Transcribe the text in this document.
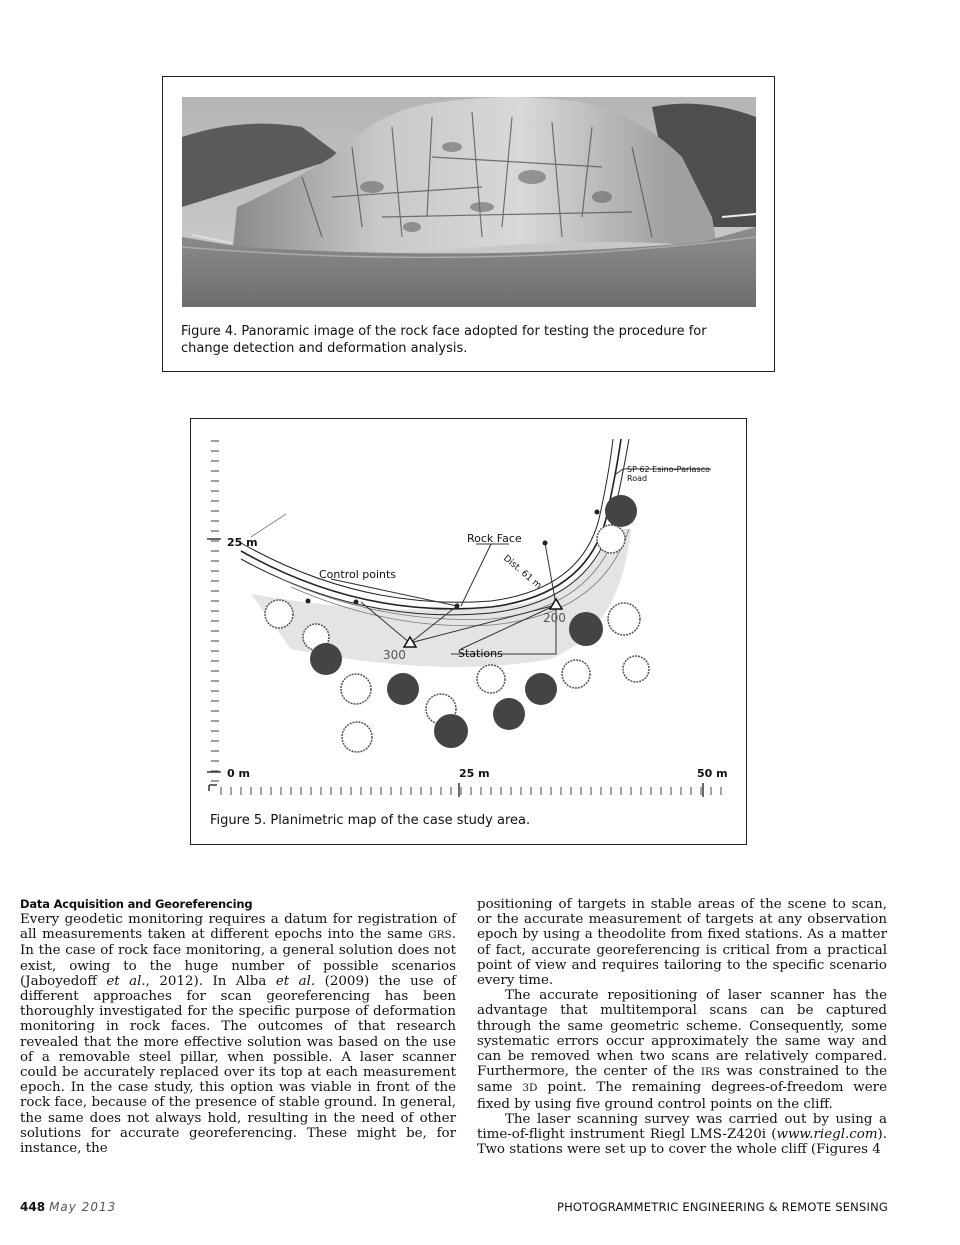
Figure 4. Panoramic image of the rock face adopted for testing the procedure for change detection and deformation analysis.

25 m	Rock Face
SP 62 Esino-Parlasco
Road
Control points	Dist. 61 m
200
300	Stations
0 m	25 m	50 m

Figure 5. Planimetric map of the case study area.

Data Acquisition and Georeferencing

Every geodetic monitoring requires a datum for registration of all measurements taken at different epochs into the same GRS. In the case of rock face monitoring, a general solution does not exist, owing to the huge number of possible scenarios (Jaboyedoff et al., 2012). In Alba et al. (2009) the use of different approaches for scan georeferencing has been thoroughly investigated for the specific purpose of deformation monitoring in rock faces. The outcomes of that research revealed that the more effective solution was based on the use of a removable steel pillar, when possible. A laser scanner could be accurately replaced over its top at each measurement epoch. In the case study, this option was viable in front of the rock face, because of the presence of stable ground. In general, the same does not always hold, resulting in the need of other solutions for accurate georeferencing. These might be, for instance, the

positioning of targets in stable areas of the scene to scan, or the accurate measurement of targets at any observation epoch by using a theodolite from fixed stations. As a matter of fact, accurate georeferencing is critical from a practical point of view and requires tailoring to the specific scenario every time.

The accurate repositioning of laser scanner has the advantage that multitemporal scans can be captured through the same geometric scheme. Consequently, some systematic errors occur approximately the same way and can be removed when two scans are relatively compared. Furthermore, the center of the IRS was constrained to the same 3D point. The remaining degrees-of-freedom were fixed by using five ground control points on the cliff.

The laser scanning survey was carried out by using a time-of-flight instrument Riegl LMS-Z420i (www.riegl.com). Two stations were set up to cover the whole cliff (Figures 4

448 May 2013	PHOTOGRAMMETRIC ENGINEERING & REMOTE SENSING
